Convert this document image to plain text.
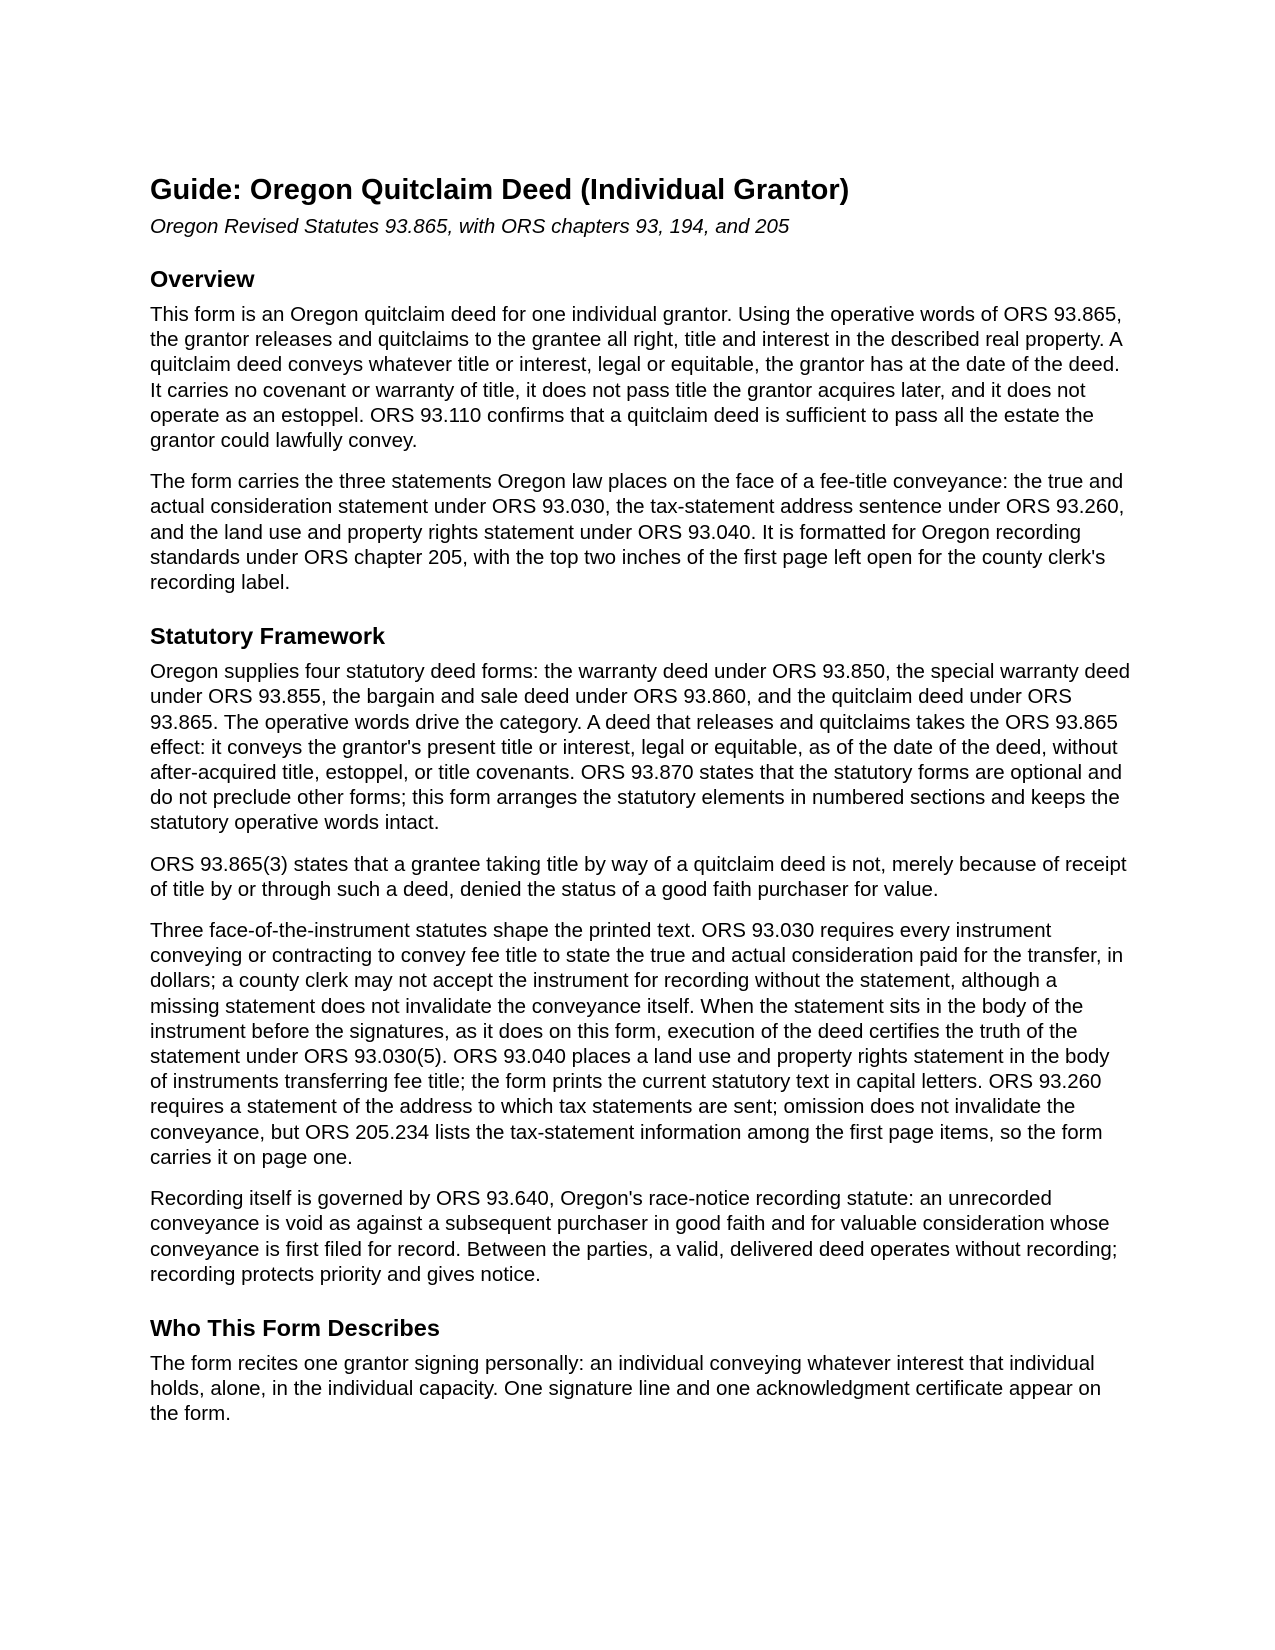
Guide: Oregon Quitclaim Deed (Individual Grantor)
Oregon Revised Statutes 93.865, with ORS chapters 93, 194, and 205
Overview

This form is an Oregon quitclaim deed for one individual grantor. Using the operative words of ORS 93.865, the grantor releases and quitclaims to the grantee all right, title and interest in the described real property. A quitclaim deed conveys whatever title or interest, legal or equitable, the grantor has at the date of the deed. It carries no covenant or warranty of title, it does not pass title the grantor acquires later, and it does not operate as an estoppel. ORS 93.110 confirms that a quitclaim deed is sufficient to pass all the estate the grantor could lawfully convey.

The form carries the three statements Oregon law places on the face of a fee-title conveyance: the true and actual consideration statement under ORS 93.030, the tax-statement address sentence under ORS 93.260, and the land use and property rights statement under ORS 93.040. It is formatted for Oregon recording standards under ORS chapter 205, with the top two inches of the first page left open for the county clerk's recording label.

Statutory Framework

Oregon supplies four statutory deed forms: the warranty deed under ORS 93.850, the special warranty deed under ORS 93.855, the bargain and sale deed under ORS 93.860, and the quitclaim deed under ORS 93.865. The operative words drive the category. A deed that releases and quitclaims takes the ORS 93.865 effect: it conveys the grantor's present title or interest, legal or equitable, as of the date of the deed, without after-acquired title, estoppel, or title covenants. ORS 93.870 states that the statutory forms are optional and do not preclude other forms; this form arranges the statutory elements in numbered sections and keeps the statutory operative words intact.

ORS 93.865(3) states that a grantee taking title by way of a quitclaim deed is not, merely because of receipt of title by or through such a deed, denied the status of a good faith purchaser for value.

Three face-of-the-instrument statutes shape the printed text. ORS 93.030 requires every instrument conveying or contracting to convey fee title to state the true and actual consideration paid for the transfer, in dollars; a county clerk may not accept the instrument for recording without the statement, although a missing statement does not invalidate the conveyance itself. When the statement sits in the body of the instrument before the signatures, as it does on this form, execution of the deed certifies the truth of the statement under ORS 93.030(5). ORS 93.040 places a land use and property rights statement in the body of instruments transferring fee title; the form prints the current statutory text in capital letters. ORS 93.260 requires a statement of the address to which tax statements are sent; omission does not invalidate the conveyance, but ORS 205.234 lists the tax-statement information among the first page items, so the form carries it on page one.

Recording itself is governed by ORS 93.640, Oregon's race-notice recording statute: an unrecorded conveyance is void as against a subsequent purchaser in good faith and for valuable consideration whose conveyance is first filed for record. Between the parties, a valid, delivered deed operates without recording; recording protects priority and gives notice.

Who This Form Describes

The form recites one grantor signing personally: an individual conveying whatever interest that individual holds, alone, in the individual capacity. One signature line and one acknowledgment certificate appear on the form.
